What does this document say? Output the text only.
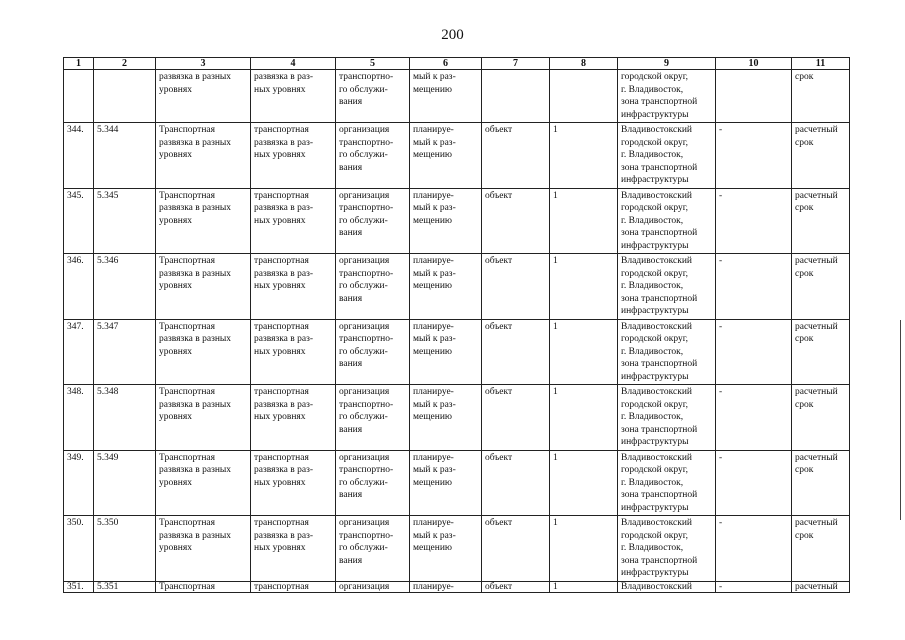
200
1	2	3	4	5	6	7	8	9	10	11
		развязка в разных
уровнях	развязка в раз-
ных уровнях	транспортно-
го обслужи-
вания	мый к раз-
мещению			городской округ,
г. Владивосток,
зона транспортной
инфраструктуры		срок
344.	5.344	Транспортная
развязка в разных
уровнях	транспортная
развязка в раз-
ных уровнях	организация
транспортно-
го обслужи-
вания	планируе-
мый к раз-
мещению	объект	1	Владивостокский
городской округ,
г. Владивосток,
зона транспортной
инфраструктуры	-	расчетный
срок
345.	5.345	Транспортная
развязка в разных
уровнях	транспортная
развязка в раз-
ных уровнях	организация
транспортно-
го обслужи-
вания	планируе-
мый к раз-
мещению	объект	1	Владивостокский
городской округ,
г. Владивосток,
зона транспортной
инфраструктуры	-	расчетный
срок
346.	5.346	Транспортная
развязка в разных
уровнях	транспортная
развязка в раз-
ных уровнях	организация
транспортно-
го обслужи-
вания	планируе-
мый к раз-
мещению	объект	1	Владивостокский
городской округ,
г. Владивосток,
зона транспортной
инфраструктуры	-	расчетный
срок
347.	5.347	Транспортная
развязка в разных
уровнях	транспортная
развязка в раз-
ных уровнях	организация
транспортно-
го обслужи-
вания	планируе-
мый к раз-
мещению	объект	1	Владивостокский
городской округ,
г. Владивосток,
зона транспортной
инфраструктуры	-	расчетный
срок
348.	5.348	Транспортная
развязка в разных
уровнях	транспортная
развязка в раз-
ных уровнях	организация
транспортно-
го обслужи-
вания	планируе-
мый к раз-
мещению	объект	1	Владивостокский
городской округ,
г. Владивосток,
зона транспортной
инфраструктуры	-	расчетный
срок
349.	5.349	Транспортная
развязка в разных
уровнях	транспортная
развязка в раз-
ных уровнях	организация
транспортно-
го обслужи-
вания	планируе-
мый к раз-
мещению	объект	1	Владивостокский
городской округ,
г. Владивосток,
зона транспортной
инфраструктуры	-	расчетный
срок
350.	5.350	Транспортная
развязка в разных
уровнях	транспортная
развязка в раз-
ных уровнях	организация
транспортно-
го обслужи-
вания	планируе-
мый к раз-
мещению	объект	1	Владивостокский
городской округ,
г. Владивосток,
зона транспортной
инфраструктуры	-	расчетный
срок
351.	5.351	Транспортная	транспортная	организация	планируе-	объект	1	Владивостокский	-	расчетный
